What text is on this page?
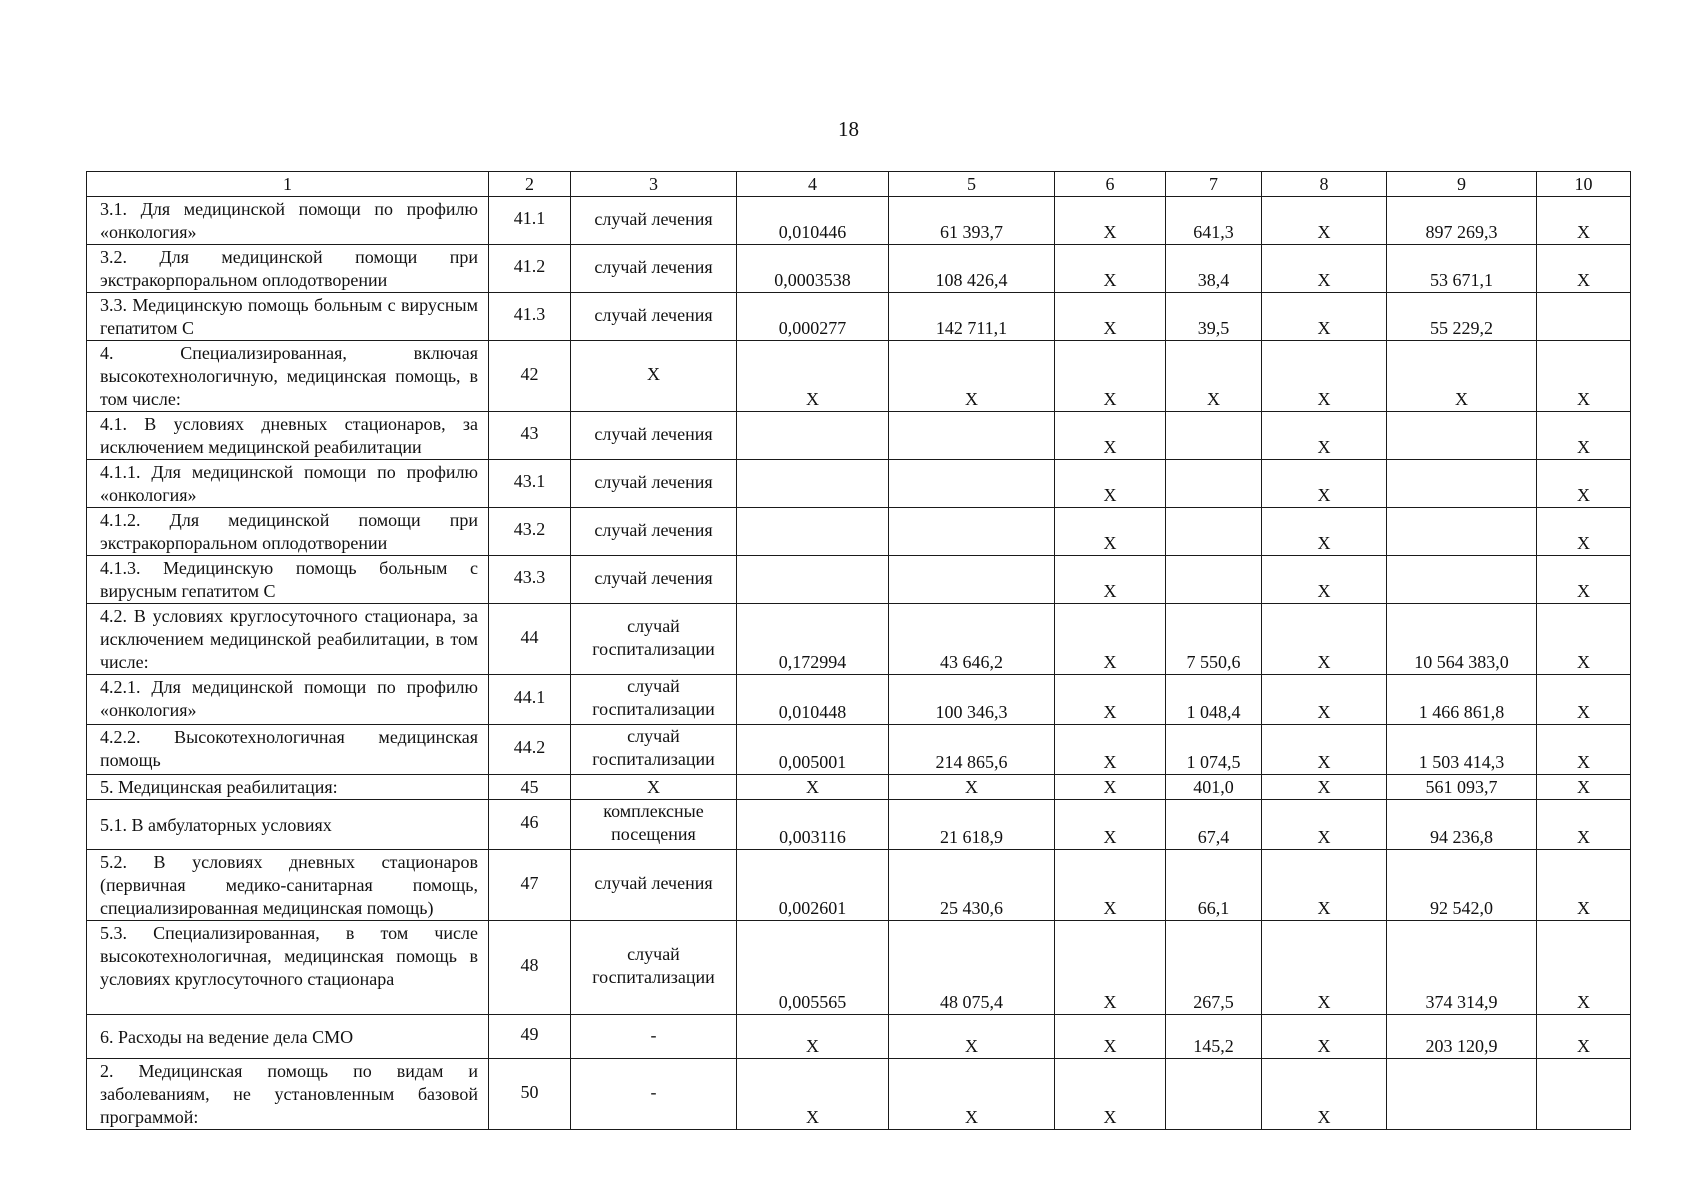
18
1	2	3	4	5	6	7	8	9	10
3.1. Для медицинской помощи по профилю «онкология»	41.1	случай лечения	0,010446	61 393,7	Х	641,3	Х	897 269,3	Х
3.2. Для медицинской помощи при экстракорпоральном оплодотворении	41.2	случай лечения	0,0003538	108 426,4	Х	38,4	Х	53 671,1	Х
3.3. Медицинскую помощь больным с вирусным гепатитом С	41.3	случай лечения	0,000277	142 711,1	Х	39,5	Х	55 229,2	
4. Специализированная, включая высокотехнологичную, медицинская помощь, в том числе:	42	Х	Х	Х	Х	Х	Х	Х	Х
4.1. В условиях дневных стационаров, за исключением медицинской реабилитации	43	случай лечения			Х		Х		Х
4.1.1. Для медицинской помощи по профилю «онкология»	43.1	случай лечения			Х		Х		Х
4.1.2. Для медицинской помощи при экстракорпоральном оплодотворении	43.2	случай лечения			Х		Х		Х
4.1.3. Медицинскую помощь больным с вирусным гепатитом С	43.3	случай лечения			Х		Х		Х
4.2. В условиях круглосуточного стационара, за исключением медицинской реабилитации, в том числе:	44	случай госпитализации	0,172994	43 646,2	Х	7 550,6	Х	10 564 383,0	Х
4.2.1. Для медицинской помощи по профилю «онкология»	44.1	случай госпитализации	0,010448	100 346,3	Х	1 048,4	Х	1 466 861,8	Х
4.2.2. Высокотехнологичная медицинская помощь	44.2	случай госпитализации	0,005001	214 865,6	Х	1 074,5	Х	1 503 414,3	Х
5. Медицинская реабилитация:	45	Х	Х	Х	Х	401,0	Х	561 093,7	Х
5.1. В амбулаторных условиях	46	комплексные посещения	0,003116	21 618,9	Х	67,4	Х	94 236,8	Х
5.2. В условиях дневных стационаров (первичная медико-санитарная помощь, специализированная медицинская помощь)	47	случай лечения	0,002601	25 430,6	Х	66,1	Х	92 542,0	Х
5.3. Специализированная, в том числе высокотехнологичная, медицинская помощь в условиях круглосуточного стационара	48	случай госпитализации	0,005565	48 075,4	Х	267,5	Х	374 314,9	Х
6. Расходы на ведение дела СМО	49	-	Х	Х	Х	145,2	Х	203 120,9	Х
2. Медицинская помощь по видам и заболеваниям, не установленным базовой программой:	50	-	Х	Х	Х		Х		
